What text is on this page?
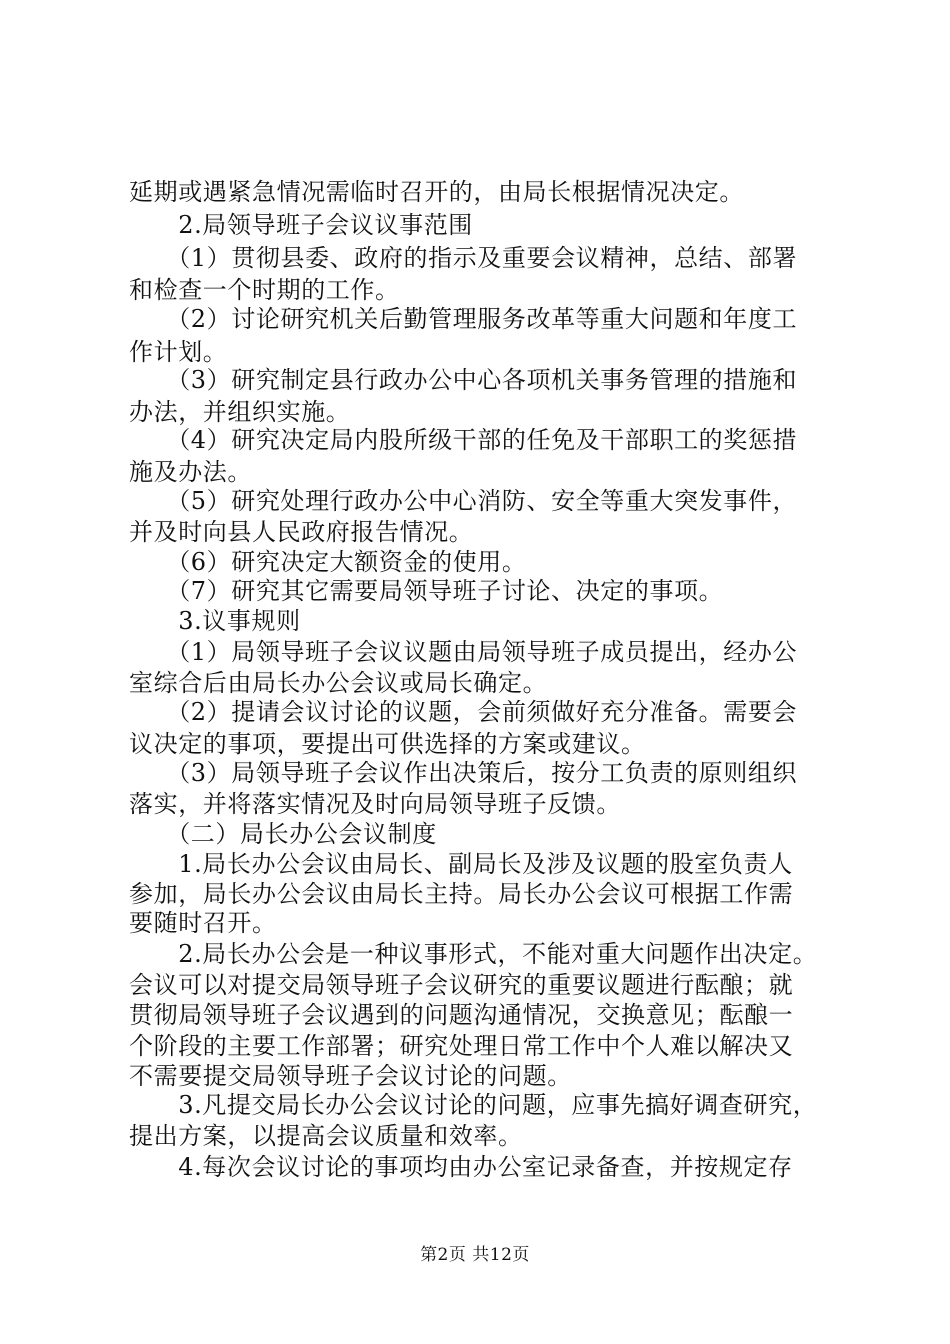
延期或遇紧急情况需临时召开的，由局长根据情况决定。
　　2.局领导班子会议议事范围
　　（1）贯彻县委、政府的指示及重要会议精神，总结、部署
和检查一个时期的工作。
　　（2）讨论研究机关后勤管理服务改革等重大问题和年度工
作计划。
　　（3）研究制定县行政办公中心各项机关事务管理的措施和
办法，并组织实施。
　　（4）研究决定局内股所级干部的任免及干部职工的奖惩措
施及办法。
　　（5）研究处理行政办公中心消防、安全等重大突发事件，
并及时向县人民政府报告情况。
　　（6）研究决定大额资金的使用。
　　（7）研究其它需要局领导班子讨论、决定的事项。
　　3.议事规则
　　（1）局领导班子会议议题由局领导班子成员提出，经办公
室综合后由局长办公会议或局长确定。
　　（2）提请会议讨论的议题，会前须做好充分准备。需要会
议决定的事项，要提出可供选择的方案或建议。
　　（3）局领导班子会议作出决策后，按分工负责的原则组织
落实，并将落实情况及时向局领导班子反馈。
　　（二）局长办公会议制度
　　1.局长办公会议由局长、副局长及涉及议题的股室负责人
参加，局长办公会议由局长主持。局长办公会议可根据工作需
要随时召开。
　　2.局长办公会是一种议事形式，不能对重大问题作出决定。
会议可以对提交局领导班子会议研究的重要议题进行酝酿；就
贯彻局领导班子会议遇到的问题沟通情况，交换意见；酝酿一
个阶段的主要工作部署；研究处理日常工作中个人难以解决又
不需要提交局领导班子会议讨论的问题。
　　3.凡提交局长办公会议讨论的问题，应事先搞好调查研究，
提出方案，以提高会议质量和效率。
　　4.每次会议讨论的事项均由办公室记录备查，并按规定存
第2页 共12页
